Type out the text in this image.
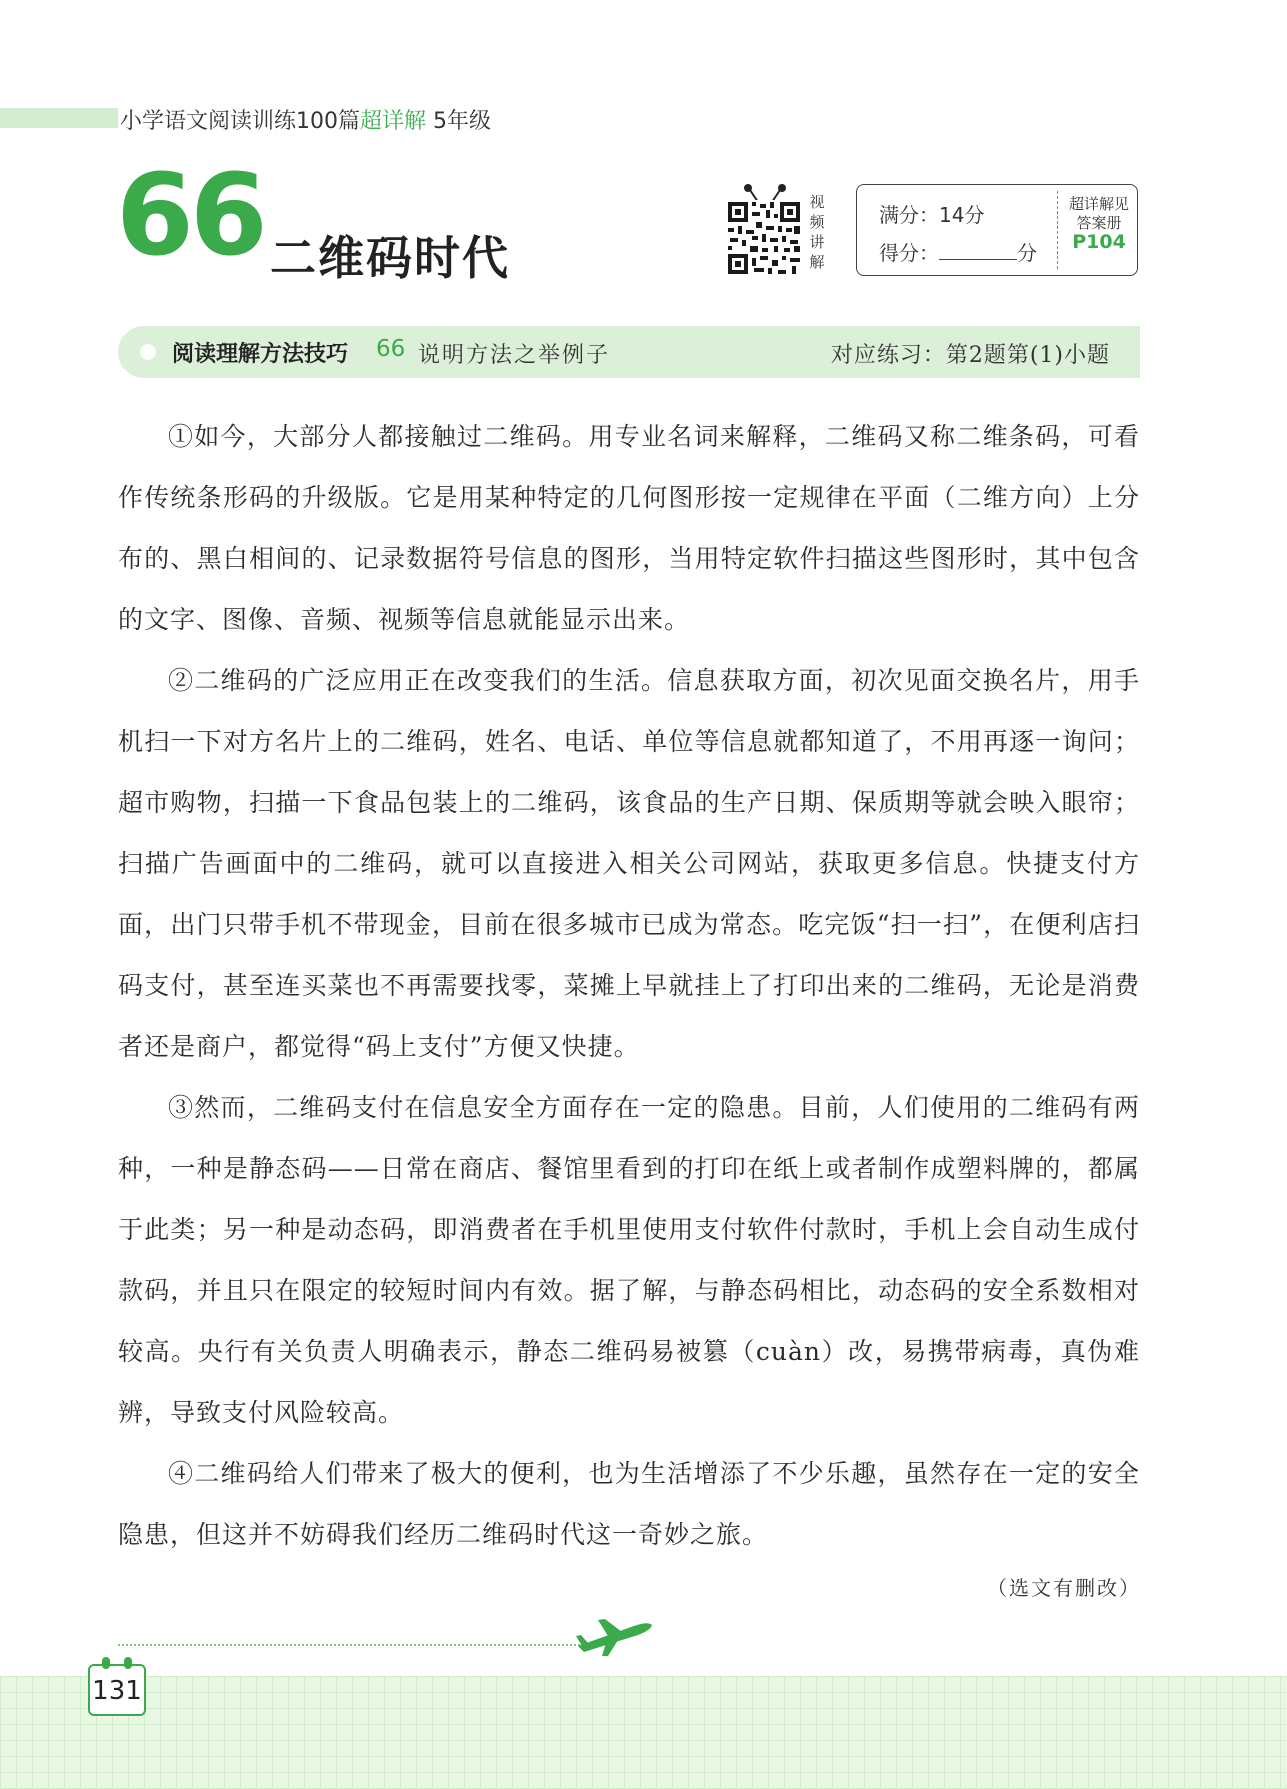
小学语文阅读训练100篇超详解 5年级
66 二维码时代
视
频
讲
解
满分：14分
得分：	分
超详解见
答案册
P104
阅读理解方法技巧 66 说明方法之举例子	对应练习：第2题第(1)小题

①如今，大部分人都接触过二维码。用专业名词来解释，二维码又称二维条码，可看作传统条形码的升级版。它是用某种特定的几何图形按一定规律在平面（二维方向）上分布的、黑白相间的、记录数据符号信息的图形，当用特定软件扫描这些图形时，其中包含的文字、图像、音频、视频等信息就能显示出来。

②二维码的广泛应用正在改变我们的生活。信息获取方面，初次见面交换名片，用手机扫一下对方名片上的二维码，姓名、电话、单位等信息就都知道了，不用再逐一询问；超市购物，扫描一下食品包装上的二维码，该食品的生产日期、保质期等就会映入眼帘；扫描广告画面中的二维码，就可以直接进入相关公司网站，获取更多信息。快捷支付方面，出门只带手机不带现金，目前在很多城市已成为常态。吃完饭“扫一扫”，在便利店扫码支付，甚至连买菜也不再需要找零，菜摊上早就挂上了打印出来的二维码，无论是消费者还是商户，都觉得“码上支付”方便又快捷。

③然而，二维码支付在信息安全方面存在一定的隐患。目前，人们使用的二维码有两种，一种是静态码——日常在商店、餐馆里看到的打印在纸上或者制作成塑料牌的，都属于此类；另一种是动态码，即消费者在手机里使用支付软件付款时，手机上会自动生成付款码，并且只在限定的较短时间内有效。据了解，与静态码相比，动态码的安全系数相对较高。央行有关负责人明确表示，静态二维码易被篡（cuàn）改，易携带病毒，真伪难辨，导致支付风险较高。

④二维码给人们带来了极大的便利，也为生活增添了不少乐趣，虽然存在一定的安全隐患，但这并不妨碍我们经历二维码时代这一奇妙之旅。

（选文有删改）
131
